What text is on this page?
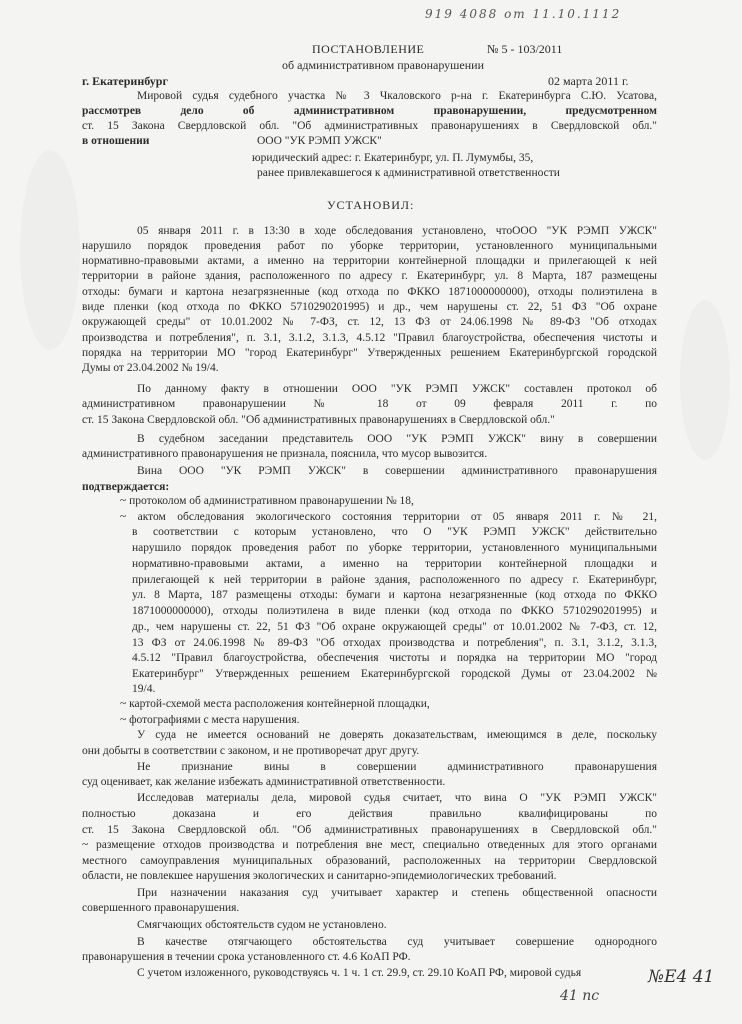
919 4088 от 11.10.1112
ПОСТАНОВЛЕНИЕ	№ 5 - 103/2011
об административном правонарушении
г. Екатеринбург	02 марта 2011 г.
Мировой судья судебного участка № 3 Чкаловского р-на г. Екатеринбурга С.Ю. Усатова,
рассмотрев дело об административном правонарушении, предусмотренном
ст. 15 Закона Свердловской обл. "Об административных правонарушениях в Свердловской обл."
в отношении	ООО "УК РЭМП УЖСК"
юридический адрес: г. Екатеринбург, ул. П. Лумумбы, 35,
ранее привлекавшегося к административной ответственности
УСТАНОВИЛ:
05 января 2011 г. в 13:30 в ходе обследования установлено, чтоООО "УК РЭМП УЖСК"
нарушило порядок проведения работ по уборке территории, установленного муниципальными
нормативно-правовыми актами, а именно на территории контейнерной площадки и прилегающей к ней
территории в районе здания, расположенного по адресу г. Екатеринбург, ул. 8 Марта, 187 размещены
отходы: бумаги и картона незагрязненные (код отхода по ФККО 1871000000000), отходы полиэтилена в
виде пленки (код отхода по ФККО 5710290201995) и др., чем нарушены ст. 22, 51 ФЗ "Об охране
окружающей среды" от 10.01.2002 № 7-ФЗ, ст. 12, 13 ФЗ от 24.06.1998 № 89-ФЗ "Об отходах
производства и потребления", п. 3.1, 3.1.2, 3.1.3, 4.5.12 "Правил благоустройства, обеспечения чистоты и
порядка на территории МО "город Екатеринбург" Утвержденных решением Екатеринбургской городской
Думы от 23.04.2002 № 19/4.
По данному факту в отношении ООО "УК РЭМП УЖСК" составлен протокол об
административном правонарушении № 18 от 09 февраля 2011 г. по
ст. 15 Закона Свердловской обл. "Об административных правонарушениях в Свердловской обл."
В судебном заседании представитель ООО "УК РЭМП УЖСК" вину в совершении
административного правонарушения не признала, пояснила, что мусор вывозится.
Вина ООО "УК РЭМП УЖСК" в совершении административного правонарушения
подтверждается:
~ протоколом об административном правонарушении № 18,
~ актом обследования экологического состояния территории от 05 января 2011 г. № 21,
в соответствии с которым установлено, что О "УК РЭМП УЖСК" действительно
нарушило порядок проведения работ по уборке территории, установленного муниципальными
нормативно-правовыми актами, а именно на территории контейнерной площадки и
прилегающей к ней территории в районе здания, расположенного по адресу г. Екатеринбург,
ул. 8 Марта, 187 размещены отходы: бумаги и картона незагрязненные (код отхода по ФККО
1871000000000), отходы полиэтилена в виде пленки (код отхода по ФККО 5710290201995) и
др., чем нарушены ст. 22, 51 ФЗ "Об охране окружающей среды" от 10.01.2002 № 7-ФЗ, ст. 12,
13 ФЗ от 24.06.1998 № 89-ФЗ "Об отходах производства и потребления", п. 3.1, 3.1.2, 3.1.3,
4.5.12 "Правил благоустройства, обеспечения чистоты и порядка на территории МО "город
Екатеринбург" Утвержденных решением Екатеринбургской городской Думы от 23.04.2002 №
19/4.
~ картой-схемой места расположения контейнерной площадки,
~ фотографиями с места нарушения.
У суда не имеется оснований не доверять доказательствам, имеющимся в деле, поскольку
они добыты в соответствии с законом, и не противоречат друг другу.
Не признание вины в совершении административного правонарушения
суд оценивает, как желание избежать административной ответственности.
Исследовав материалы дела, мировой судья считает, что вина О "УК РЭМП УЖСК"
полностью доказана и его действия правильно квалифицированы по
ст. 15 Закона Свердловской обл. "Об административных правонарушениях в Свердловской обл."
~ размещение отходов производства и потребления вне мест, специально отведенных для этого органами
местного самоуправления муниципальных образований, расположенных на территории Свердловской
области, не повлекшее нарушения экологических и санитарно-эпидемиологических требований.
При назначении наказания суд учитывает характер и степень общественной опасности
совершенного правонарушения.
Смягчающих обстоятельств судом не установлено.
В качестве отягчающего обстоятельства суд учитывает совершение однородного
правонарушения в течении срока установленного ст. 4.6 КоАП РФ.
С учетом изложенного, руководствуясь ч. 1 ч. 1 ст. 29.9, ст. 29.10 КоАП РФ, мировой судья	№Е4 41
41 пс
